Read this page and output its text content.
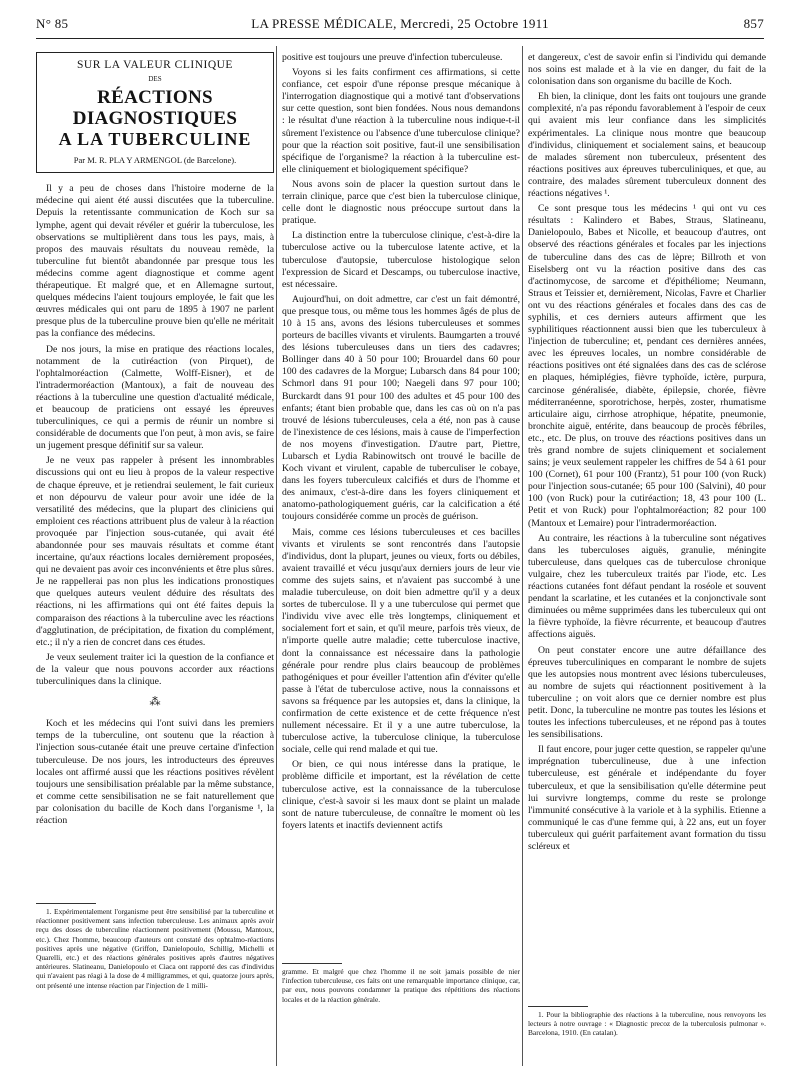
N° 85	LA PRESSE MÉDICALE, Mercredi, 25 Octobre 1911	857
SUR LA VALEUR CLINIQUE
DES
RÉACTIONS DIAGNOSTIQUES
A LA TUBERCULINE
Par M. R. PLA Y ARMENGOL (de Barcelone).

Il y a peu de choses dans l'histoire moderne de la médecine qui aient été aussi discutées que la tuberculine. Depuis la retentissante communication de Koch sur sa lymphe, agent qui devait révéler et guérir la tuberculose, les observations se multiplièrent dans tous les pays, mais, à propos des mauvais résultats du nouveau remède, la tuberculine fut bientôt abandonnée par presque tous les médecins comme agent diagnostique et comme agent thérapeutique. Et malgré que, et en Allemagne surtout, quelques médecins l'aient toujours employée, le fait que les œuvres médicales qui ont paru de 1895 à 1907 ne parlent presque plus de la tuberculine prouve bien qu'elle ne méritait pas la confiance des médecins.

De nos jours, la mise en pratique des réactions locales, notamment de la cutiréaction (von Pirquet), de l'ophtalmoréaction (Calmette, Wolff-Eisner), et de l'intradermoréaction (Mantoux), a fait de nouveau des réactions à la tuberculine une question d'actualité médicale, et beaucoup de praticiens ont essayé les épreuves tuberculiniques, ce qui a permis de réunir un nombre si considérable de documents que l'on peut, à mon avis, se faire un jugement presque définitif sur sa valeur.

Je ne veux pas rappeler à présent les innombrables discussions qui ont eu lieu à propos de la valeur respective de chaque épreuve, et je retiendrai seulement, le fait curieux et non dépourvu de valeur pour avoir une idée de la versatilité des médecins, que la plupart des cliniciens qui emploient ces réactions attribuent plus de valeur à la réaction provoquée par l'injection sous-cutanée, qui avait été abandonnée pour ses mauvais résultats et comme étant incertaine, qu'aux réactions locales dernièrement proposées, qui ne devaient pas avoir ces inconvénients et être plus sûres. Je ne rappellerai pas non plus les indications pronostiques que quelques auteurs veulent déduire des résultats des réactions, ni les affirmations qui ont été faites depuis la comparaison des réactions à la tuberculine avec les réactions d'agglutination, de précipitation, de fixation du complément, etc.; il n'y a rien de concret dans ces études.

Je veux seulement traiter ici la question de la confiance et de la valeur que nous pouvons accorder aux réactions tuberculiniques dans la clinique.

⁂

Koch et les médecins qui l'ont suivi dans les premiers temps de la tuberculine, ont soutenu que la réaction à l'injection sous-cutanée était une preuve certaine d'infection tuberculeuse. De nos jours, les introducteurs des épreuves locales ont affirmé aussi que les réactions positives révèlent toujours une sensibilisation préalable par la même substance, et comme cette sensibilisation ne se fait naturellement que par colonisation du bacille de Koch dans l'organisme ¹, la réaction

1. Expérimentalement l'organisme peut être sensibilisé par la tuberculine et réactionner positivement sans infection tuberculeuse. Les animaux après avoir reçu des doses de tuberculine réactionnent positivement (Moussu, Mantoux, etc.). Chez l'homme, beaucoup d'auteurs ont constaté des ophtalmo-réactions positives après une négative (Griffon, Danielopoulo, Schillig, Michelli et Quarelli, etc.) et des réactions générales positives après d'autres négatives antérieures. Slatineanu, Danielopoulo et Ciaca ont rapporté des cas d'individus qui n'avaient pas réagi à la dose de 4 milligrammes, et qui, quatorze jours après, ont présenté une intense réaction par l'injection de 1 milli-

positive est toujours une preuve d'infection tuberculeuse.

Voyons si les faits confirment ces affirmations, si cette confiance, cet espoir d'une réponse presque mécanique à l'interrogation diagnostique qui a motivé tant d'observations sur cette question, sont bien fondées. Nous nous demandons : le résultat d'une réaction à la tuberculine nous indique-t-il sûrement l'existence ou l'absence d'une tuberculose clinique? pour que la réaction soit positive, faut-il une sensibilisation spécifique de l'organisme? la réaction à la tuberculine est-elle cliniquement et biologiquement spécifique?

Nous avons soin de placer la question surtout dans le terrain clinique, parce que c'est bien la tuberculose clinique, celle dont le diagnostic nous préoccupe surtout dans la pratique.

La distinction entre la tuberculose clinique, c'est-à-dire la tuberculose active ou la tuberculose latente active, et la tuberculose d'autopsie, tuberculose histologique selon l'expression de Sicard et Descamps, ou tuberculose inactive, est nécessaire.

Aujourd'hui, on doit admettre, car c'est un fait démontré, que presque tous, ou même tous les hommes âgés de plus de 10 à 15 ans, avons des lésions tuberculeuses et sommes porteurs de bacilles vivants et virulents. Baumgarten a trouvé des lésions tuberculeuses dans un tiers des cadavres; Bollinger dans 40 à 50 pour 100; Brouardel dans 60 pour 100 des cadavres de la Morgue; Lubarsch dans 84 pour 100; Schmorl dans 91 pour 100; Naegeli dans 97 pour 100; Burckardt dans 91 pour 100 des adultes et 45 pour 100 des enfants; étant bien probable que, dans les cas où on n'a pas trouvé de lésions tuberculeuses, cela a été, non pas à cause de l'inexistence de ces lésions, mais à cause de l'imperfection de nos moyens d'investigation. D'autre part, Piettre, Lubarsch et Lydia Rabinowitsch ont trouvé le bacille de Koch vivant et virulent, capable de tuberculiser le cobaye, dans les foyers tuberculeux calcifiés et durs de l'homme et des animaux, c'est-à-dire dans les foyers cliniquement et anatomo-pathologiquement guéris, car la calcification a été toujours considérée comme un procès de guérison.

Mais, comme ces lésions tuberculeuses et ces bacilles vivants et virulents se sont rencontrés dans l'autopsie d'individus, dont la plupart, jeunes ou vieux, forts ou débiles, avaient travaillé et vécu jusqu'aux derniers jours de leur vie comme des sujets sains, et n'avaient pas succombé à une maladie tuberculeuse, on doit bien admettre qu'il y a deux sortes de tuberculose. Il y a une tuberculose qui permet que l'individu vive avec elle très longtemps, cliniquement et socialement fort et sain, et qu'il meure, parfois très vieux, de n'importe quelle autre maladie; cette tuberculose inactive, dont la connaissance est nécessaire dans la pathologie générale pour rendre plus clairs beaucoup de problèmes pathogéniques et pour éveiller l'attention afin d'éviter qu'elle passe à l'état de tuberculose active, nous la connaissons et savons sa fréquence par les autopsies et, dans la clinique, la confirmation de cette existence et de cette fréquence n'est nullement nécessaire. Et il y a une autre tuberculose, la tuberculose active, la tuberculose clinique, la tuberculose sociale, celle qui rend malade et qui tue.

Or bien, ce qui nous intéresse dans la pratique, le problème difficile et important, est la révélation de cette tuberculose active, est la connaissance de la tuberculose clinique, c'est-à savoir si les maux dont se plaint un malade sont de nature tuberculeuse, de connaître le moment où les foyers latents et inactifs deviennent actifs

gramme. Et malgré que chez l'homme il ne soit jamais possible de nier l'infection tuberculeuse, ces faits ont une remarquable importance clinique, car, par eux, nous pouvons condamner la pratique des répétitions des réactions locales et de la réaction générale.

et dangereux, c'est de savoir enfin si l'individu qui demande nos soins est malade et à la vie en danger, du fait de la colonisation dans son organisme du bacille de Koch.

Eh bien, la clinique, dont les faits ont toujours une grande complexité, n'a pas répondu favorablement à l'espoir de ceux qui avaient mis leur confiance dans les simplicités expérimentales. La clinique nous montre que beaucoup d'individus, cliniquement et socialement sains, et beaucoup de malades sûrement non tuberculeux, présentent des réactions positives aux épreuves tuberculiniques, et que, au contraire, des malades sûrement tuberculeux donnent des réactions négatives ¹.

Ce sont presque tous les médecins ¹ qui ont vu ces résultats : Kalindero et Babes, Straus, Slatineanu, Danielopoulo, Babes et Nicolle, et beaucoup d'autres, ont observé des réactions générales et focales par les injections de tuberculine dans des cas de lèpre; Billroth et von Eiselsberg ont vu la réaction positive dans des cas d'actinomycose, de sarcome et d'épithéliome; Neumann, Straus et Teissier et, dernièrement, Nicolas, Favre et Charlier ont vu des réactions générales et focales dans des cas de syphilis, et ces derniers auteurs affirment que les syphilitiques réactionnent aussi bien que les tuberculeux à l'injection de tuberculine; et, pendant ces dernières années, avec les épreuves locales, un nombre considérable de réactions positives ont été signalées dans des cas de sclérose en plaques, hémiplégies, fièvre typhoïde, ictère, purpura, carcinose généralisée, diabète, épilepsie, chorée, fièvre méditerranéenne, sporotrichose, herpès, zoster, rhumatisme articulaire aigu, cirrhose atrophique, hépatite, pneumonie, bronchite aiguë, entérite, dans beaucoup de procès fébriles, etc., etc. De plus, on trouve des réactions positives dans un très grand nombre de sujets cliniquement et socialement sains; je veux seulement rappeler les chiffres de 54 à 61 pour 100 (Cornet), 61 pour 100 (Frantz), 51 pour 100 (von Ruck) pour l'injection sous-cutanée; 65 pour 100 (Salvini), 40 pour 100 (von Ruck) pour la cutiréaction; 18, 43 pour 100 (L. Petit et von Ruck) pour l'ophtalmoréaction; 82 pour 100 (Mantoux et Lemaire) pour l'intradermoréaction.

Au contraire, les réactions à la tuberculine sont négatives dans les tuberculoses aiguës, granulie, méningite tuberculeuse, dans quelques cas de tuberculose chronique vulgaire, chez les tuberculeux traités par l'iode, etc. Les réactions cutanées font défaut pendant la roséole et souvent pendant la scarlatine, et les cutanées et la conjonctivale sont diminuées ou même supprimées dans les tuberculeux qui ont la fièvre typhoïde, la fièvre récurrente, et beaucoup d'autres affections aiguës.

On peut constater encore une autre défaillance des épreuves tuberculiniques en comparant le nombre de sujets que les autopsies nous montrent avec lésions tuberculeuses, au nombre de sujets qui réactionnent positivement à la tuberculine ; on voit alors que ce dernier nombre est plus petit. Donc, la tuberculine ne montre pas toutes les lésions et toutes les infections tuberculeuses, et ne répond pas à toutes les sensibilisations.

Il faut encore, pour juger cette question, se rappeler qu'une imprégnation tuberculineuse, due à une infection tuberculeuse, est générale et indépendante du foyer tuberculeux, et que la sensibilisation qu'elle détermine peut lui survivre longtemps, comme du reste se prolonge l'immunité consécutive à la variole et à la syphilis. Etienne a communiqué le cas d'une femme qui, à 22 ans, eut un foyer tuberculeux qui guérit parfaitement avant formation du tissu scléreux et

1. Pour la bibliographie des réactions à la tuberculine, nous renvoyons les lecteurs à notre ouvrage : « Diagnostic precoz de la tuberculosis pulmonar ». Barcelona, 1910. (En catalan).
